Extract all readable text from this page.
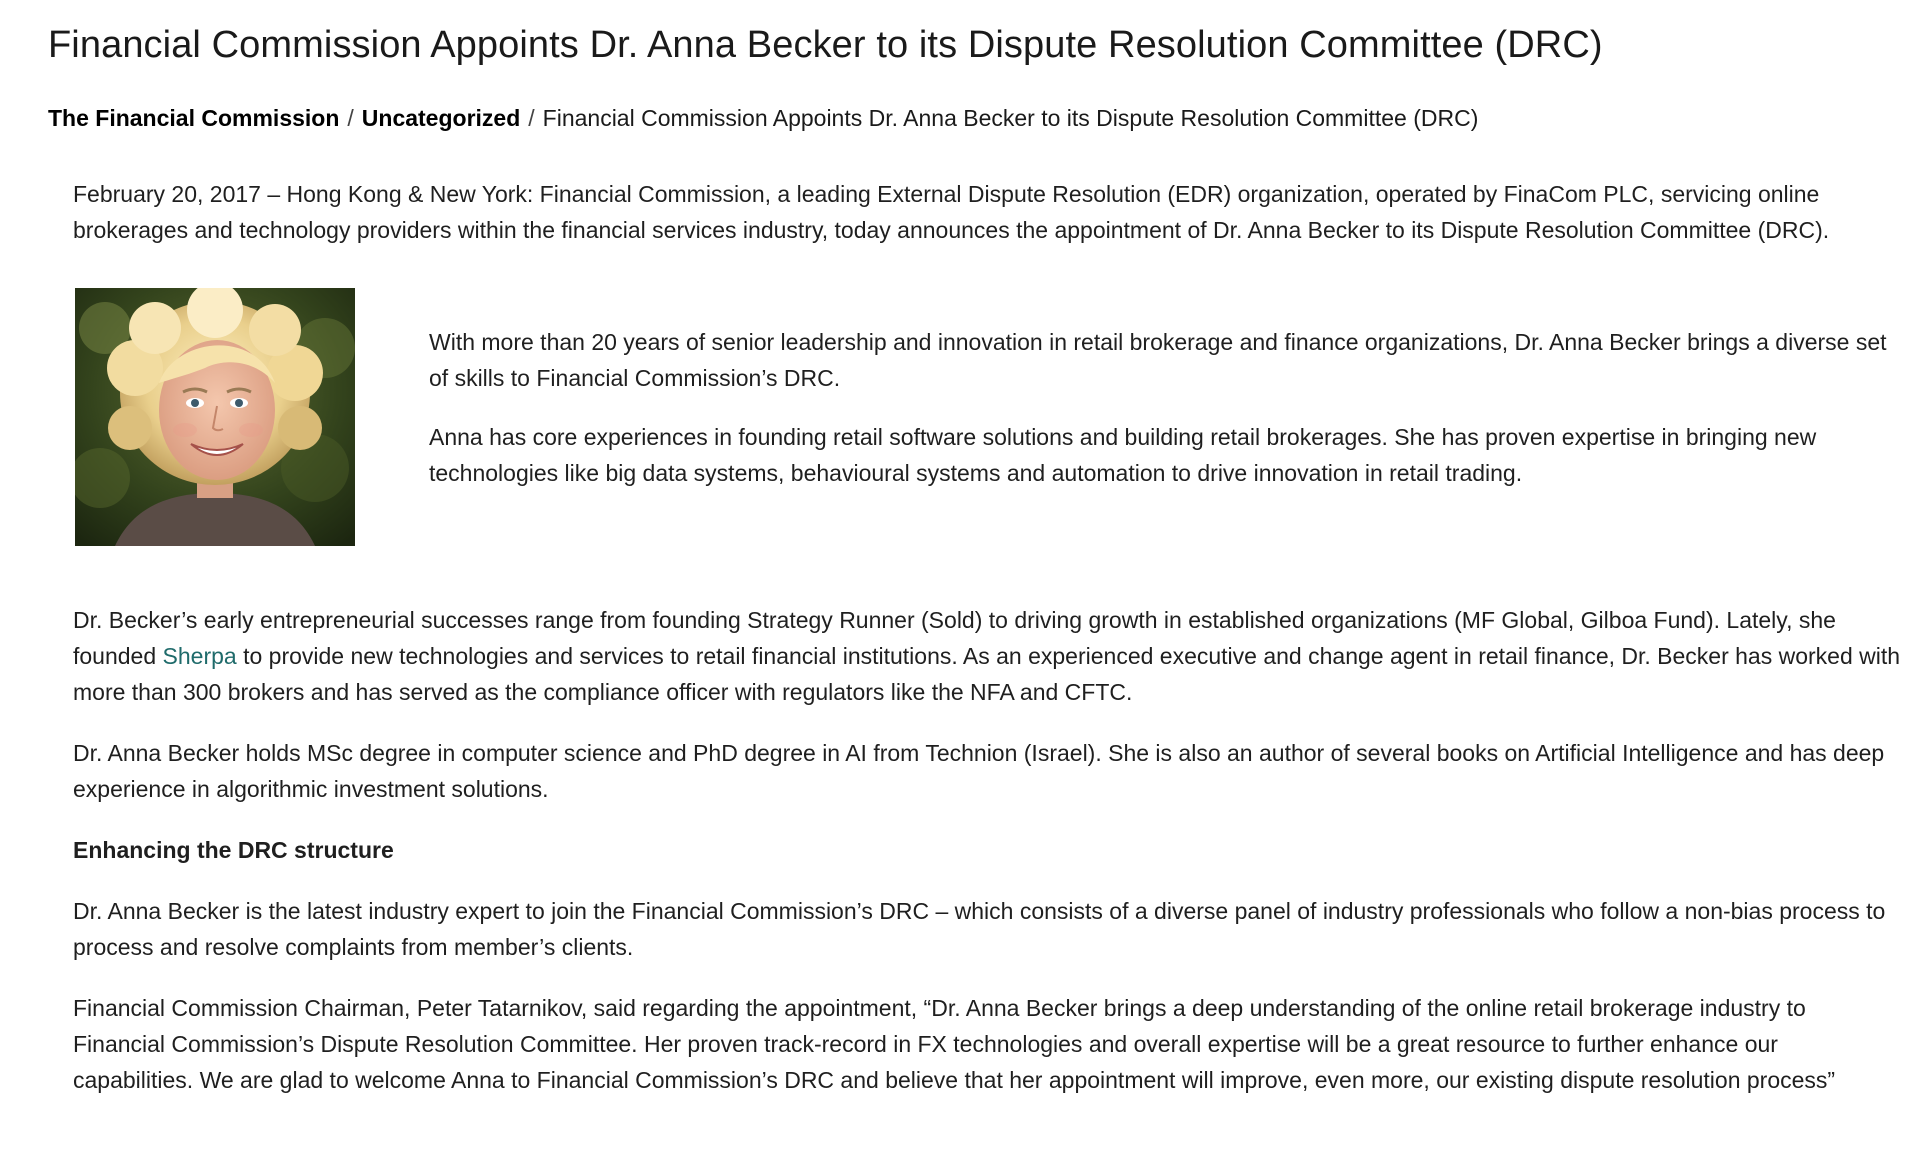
Financial Commission Appoints Dr. Anna Becker to its Dispute Resolution Committee (DRC)
The Financial Commission / Uncategorized / Financial Commission Appoints Dr. Anna Becker to its Dispute Resolution Committee (DRC)

February 20, 2017 – Hong Kong & New York: Financial Commission, a leading External Dispute Resolution (EDR) organization, operated by FinaCom PLC, servicing online brokerages and technology providers within the financial services industry, today announces the appointment of Dr. Anna Becker to its Dispute Resolution Committee (DRC).

With more than 20 years of senior leadership and innovation in retail brokerage and finance organizations, Dr. Anna Becker brings a diverse set of skills to Financial Commission’s DRC.

Anna has core experiences in founding retail software solutions and building retail brokerages. She has proven expertise in bringing new technologies like big data systems, behavioural systems and automation to drive innovation in retail trading.

Dr. Becker’s early entrepreneurial successes range from founding Strategy Runner (Sold) to driving growth in established organizations (MF Global, Gilboa Fund). Lately, she founded Sherpa to provide new technologies and services to retail financial institutions. As an experienced executive and change agent in retail finance, Dr. Becker has worked with more than 300 brokers and has served as the compliance officer with regulators like the NFA and CFTC.

Dr. Anna Becker holds MSc degree in computer science and PhD degree in AI from Technion (Israel). She is also an author of several books on Artificial Intelligence and has deep experience in algorithmic investment solutions.

Enhancing the DRC structure

Dr. Anna Becker is the latest industry expert to join the Financial Commission’s DRC – which consists of a diverse panel of industry professionals who follow a non-bias process to process and resolve complaints from member’s clients.

Financial Commission Chairman, Peter Tatarnikov, said regarding the appointment, “Dr. Anna Becker brings a deep understanding of the online retail brokerage industry to Financial Commission’s Dispute Resolution Committee. Her proven track-record in FX technologies and overall expertise will be a great resource to further enhance our capabilities. We are glad to welcome Anna to Financial Commission’s DRC and believe that her appointment will improve, even more, our existing dispute resolution process”
